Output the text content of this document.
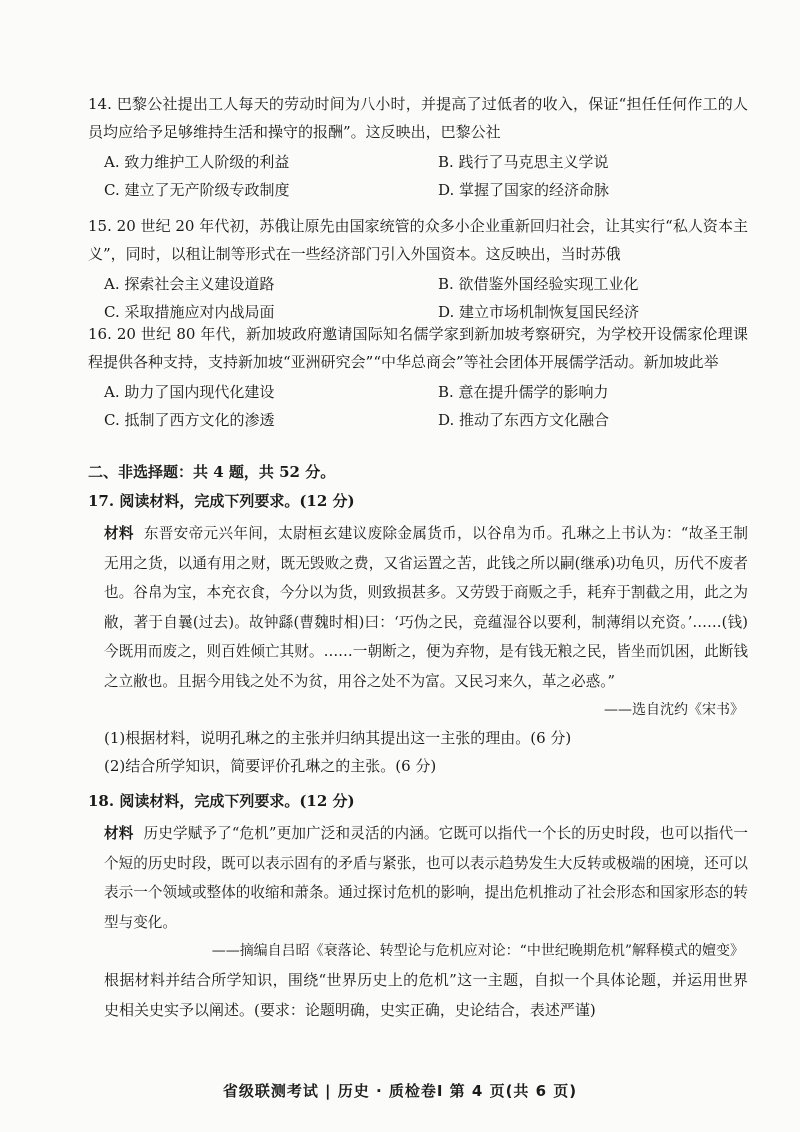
14. 巴黎公社提出工人每天的劳动时间为八小时，并提高了过低者的收入，保证“担任任何作工的人员均应给予足够维持生活和操守的报酬”。这反映出，巴黎公社

A. 致力维护工人阶级的利益	B. 践行了马克思主义学说
C. 建立了无产阶级专政制度	D. 掌握了国家的经济命脉

15. 20 世纪 20 年代初，苏俄让原先由国家统管的众多小企业重新回归社会，让其实行“私人资本主义”，同时，以租让制等形式在一些经济部门引入外国资本。这反映出，当时苏俄

A. 探索社会主义建设道路	B. 欲借鉴外国经验实现工业化
C. 采取措施应对内战局面	D. 建立市场机制恢复国民经济

16. 20 世纪 80 年代，新加坡政府邀请国际知名儒学家到新加坡考察研究，为学校开设儒家伦理课程提供各种支持，支持新加坡“亚洲研究会”“中华总商会”等社会团体开展儒学活动。新加坡此举

A. 助力了国内现代化建设	B. 意在提升儒学的影响力
C. 抵制了西方文化的渗透	D. 推动了东西方文化融合
二、非选择题：共 4 题，共 52 分。
17. 阅读材料，完成下列要求。(12 分)
材料 东晋安帝元兴年间，太尉桓玄建议废除金属货币，以谷帛为币。孔琳之上书认为：“故圣王制无用之货，以通有用之财，既无毁败之费，又省运置之苦，此钱之所以嗣(继承)功龟贝，历代不废者也。谷帛为宝，本充衣食，今分以为货，则致损甚多。又劳毁于商贩之手，耗弃于割截之用，此之为敝，著于自曩(过去)。故钟繇(曹魏时相)曰：‘巧伪之民，竞蕴湿谷以要利，制薄绢以充资。’……(钱)今既用而废之，则百姓倾亡其财。……一朝断之，便为弃物，是有钱无粮之民，皆坐而饥困，此断钱之立敝也。且据今用钱之处不为贫，用谷之处不为富。又民习来久，革之必惑。”
——选自沈约《宋书》
(1)根据材料，说明孔琳之的主张并归纳其提出这一主张的理由。(6 分)
(2)结合所学知识，简要评价孔琳之的主张。(6 分)
18. 阅读材料，完成下列要求。(12 分)
材料 历史学赋予了“危机”更加广泛和灵活的内涵。它既可以指代一个长的历史时段，也可以指代一个短的历史时段，既可以表示固有的矛盾与紧张，也可以表示趋势发生大反转或极端的困境，还可以表示一个领域或整体的收缩和萧条。通过探讨危机的影响，提出危机推动了社会形态和国家形态的转型与变化。
——摘编自吕昭《衰落论、转型论与危机应对论：“中世纪晚期危机”解释模式的嬗变》
根据材料并结合所学知识，围绕“世界历史上的危机”这一主题，自拟一个具体论题，并运用世界史相关史实予以阐述。(要求：论题明确，史实正确，史论结合，表述严谨)
省级联测考试 | 历史 · 质检卷Ⅰ 第 4 页(共 6 页)
